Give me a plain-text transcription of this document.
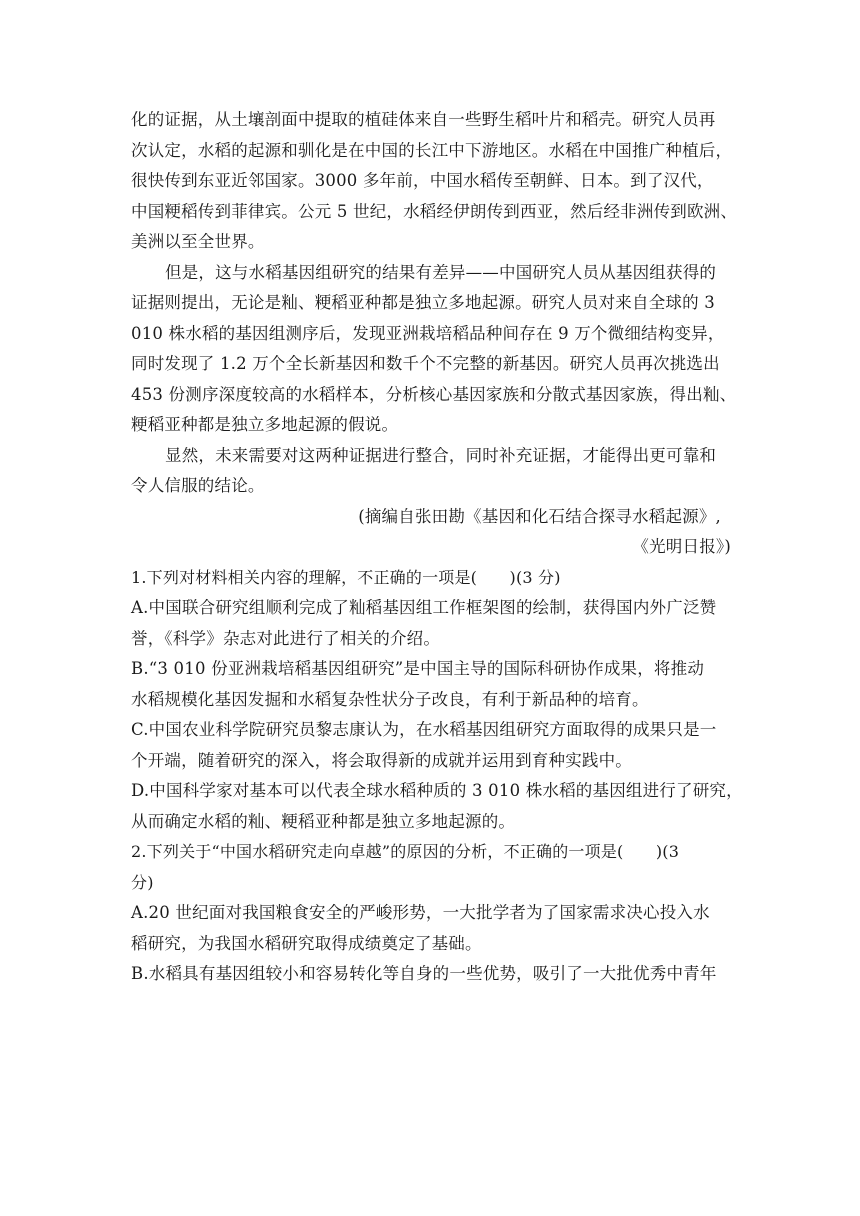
化的证据，从土壤剖面中提取的植硅体来自一些野生稻叶片和稻壳。研究人员再
次认定，水稻的起源和驯化是在中国的长江中下游地区。水稻在中国推广种植后，
很快传到东亚近邻国家。3000 多年前，中国水稻传至朝鲜、日本。到了汉代，
中国粳稻传到菲律宾。公元 5 世纪，水稻经伊朗传到西亚，然后经非洲传到欧洲、
美洲以至全世界。
但是，这与水稻基因组研究的结果有差异——中国研究人员从基因组获得的
证据则提出，无论是籼、粳稻亚种都是独立多地起源。研究人员对来自全球的 3
010 株水稻的基因组测序后，发现亚洲栽培稻品种间存在 9 万个微细结构变异，
同时发现了 1.2 万个全长新基因和数千个不完整的新基因。研究人员再次挑选出
453 份测序深度较高的水稻样本，分析核心基因家族和分散式基因家族，得出籼、
粳稻亚种都是独立多地起源的假说。
显然，未来需要对这两种证据进行整合，同时补充证据，才能得出更可靠和
令人信服的结论。
(摘编自张田勘《基因和化石结合探寻水稻起源》,
《光明日报》)
1.下列对材料相关内容的理解，不正确的一项是(　　)(3 分)
A.中国联合研究组顺利完成了籼稻基因组工作框架图的绘制，获得国内外广泛赞
誉，《科学》杂志对此进行了相关的介绍。
B.“3 010 份亚洲栽培稻基因组研究”是中国主导的国际科研协作成果，将推动
水稻规模化基因发掘和水稻复杂性状分子改良，有利于新品种的培育。
C.中国农业科学院研究员黎志康认为，在水稻基因组研究方面取得的成果只是一
个开端，随着研究的深入，将会取得新的成就并运用到育种实践中。
D.中国科学家对基本可以代表全球水稻种质的 3 010 株水稻的基因组进行了研究，
从而确定水稻的籼、粳稻亚种都是独立多地起源的。
2.下列关于“中国水稻研究走向卓越”的原因的分析，不正确的一项是(　　)(3
分)
A.20 世纪面对我国粮食安全的严峻形势，一大批学者为了国家需求决心投入水
稻研究，为我国水稻研究取得成绩奠定了基础。
B.水稻具有基因组较小和容易转化等自身的一些优势，吸引了一大批优秀中青年
